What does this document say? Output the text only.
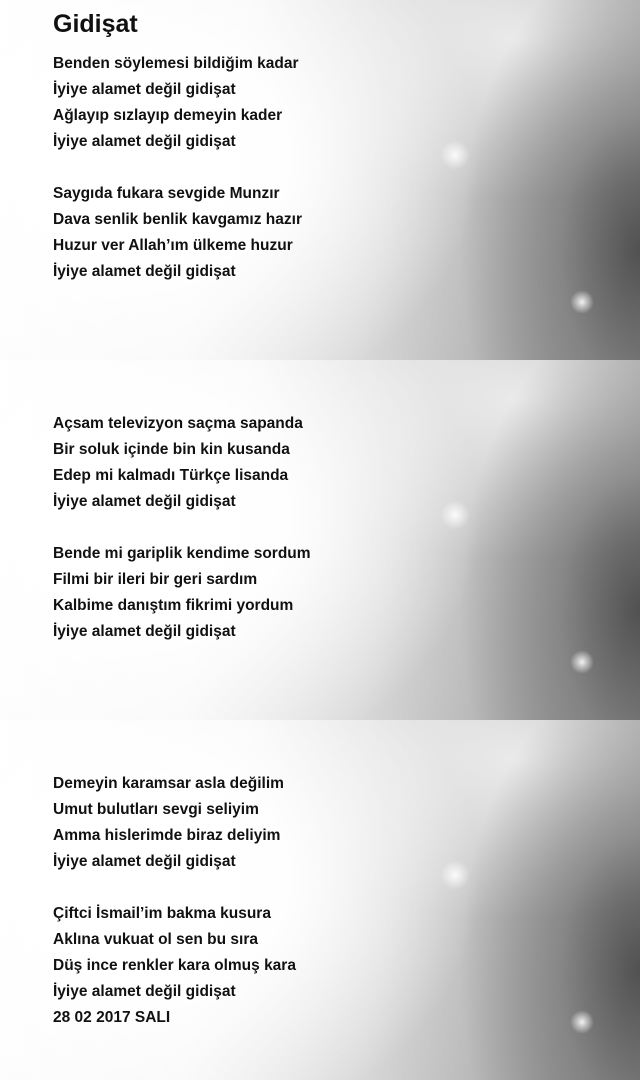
Gidişat

Benden söylemesi bildiğim kadar
İyiye alamet değil gidişat
Ağlayıp sızlayıp demeyin kader
İyiye alamet değil gidişat

Saygıda fukara sevgide Munzır
Dava senlik benlik kavgamız hazır
Huzur ver Allah’ım ülkeme huzur
İyiye alamet değil gidişat

Açsam televizyon saçma sapanda
Bir soluk içinde bin kin kusanda
Edep mi kalmadı Türkçe lisanda
İyiye alamet değil gidişat

Bende mi gariplik kendime sordum
Filmi bir ileri bir geri sardım
Kalbime danıştım fikrimi yordum
İyiye alamet değil gidişat

Demeyin karamsar asla değilim
Umut bulutları sevgi seliyim
Amma hislerimde biraz deliyim
İyiye alamet değil gidişat

Çiftci İsmail’im bakma kusura
Aklına vukuat ol sen bu sıra
Düş ince renkler kara olmuş kara
İyiye alamet değil gidişat
28 02 2017 SALI
